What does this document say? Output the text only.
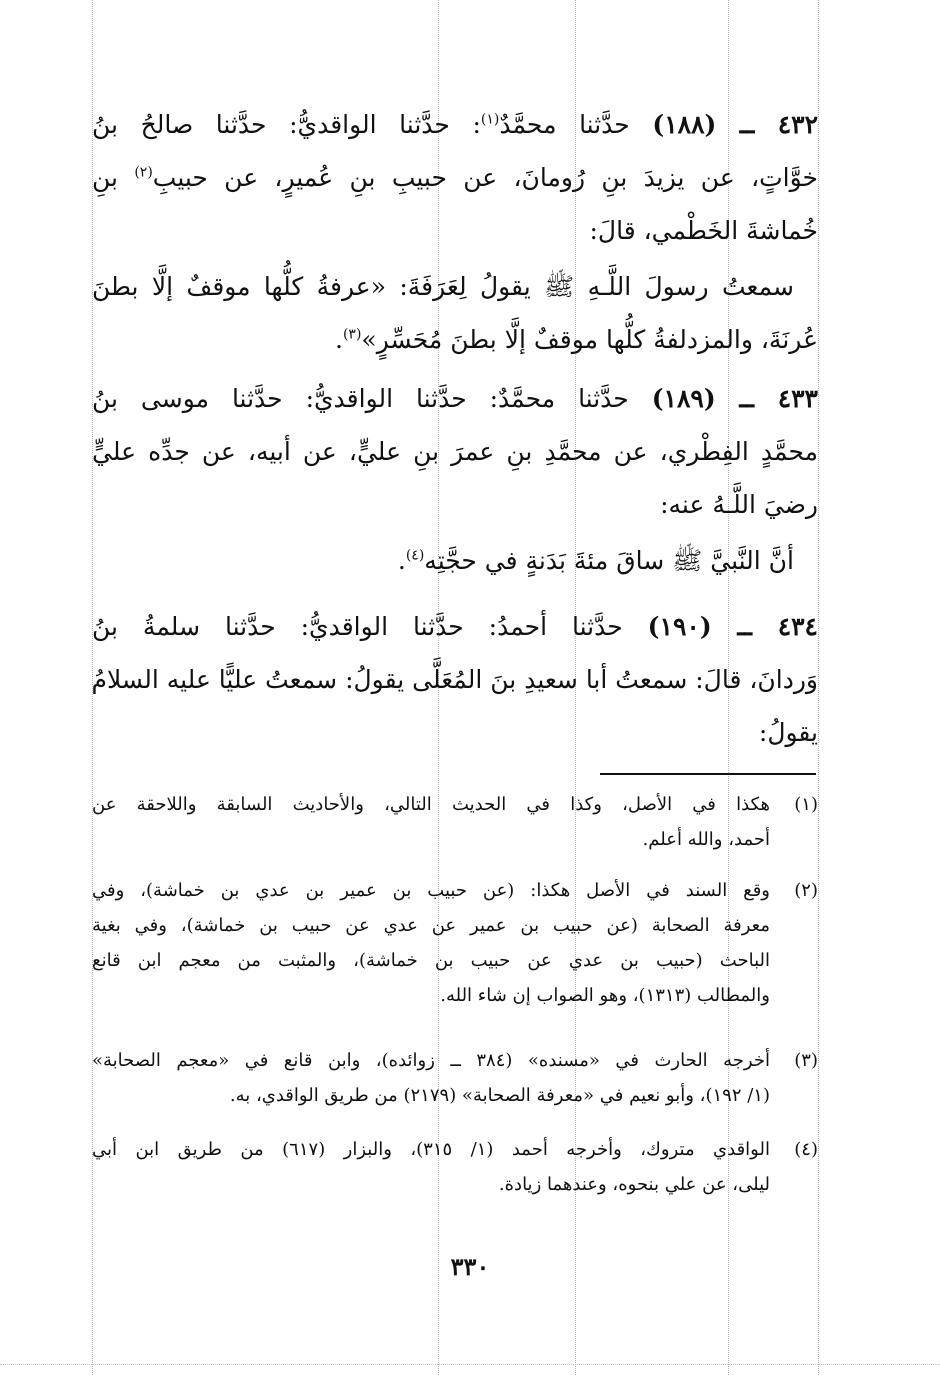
٤٣٢ ــ (١٨٨) حدَّثنا محمَّدٌ$^{(١)}$: حدَّثنا الواقديُّ: حدَّثنا صالحُ بنُ
خوَّاتٍ، عن يزيدَ بنِ رُومانَ، عن حبيبِ بنِ عُميرٍ، عن حبيبِ$^{(٢)}$ بنِ
خُماشةَ الخَطْمي، قالَ:
سمعتُ رسولَ اللَّـهِ ﷺ يقولُ لِعَرَفَةَ: «عرفةُ كلُّها موقفٌ إلَّا بطنَ
عُرنَةَ، والمزدلفةُ كلُّها موقفٌ إلَّا بطنَ مُحَسِّرٍ»$^{(٣)}$.
٤٣٣ ــ (١٨٩) حدَّثنا محمَّدٌ: حدَّثنا الواقديُّ: حدَّثنا موسى بنُ
محمَّدٍ الفِطْري، عن محمَّدِ بنِ عمرَ بنِ عليٍّ، عن أبيه، عن جدِّه عليٍّ
رضيَ اللَّـهُ عنه:
أنَّ النَّبيَّ ﷺ ساقَ مئةَ بَدَنةٍ في حجَّتِه$^{(٤)}$.
٤٣٤ ــ (١٩٠) حدَّثنا أحمدُ: حدَّثنا الواقديُّ: حدَّثنا سلمةُ بنُ
وَردانَ، قالَ: سمعتُ أبا سعيدِ بنَ المُعَلَّى يقولُ: سمعتُ عليًّا عليه السلامُ
يقولُ:
(١)
هكذا في الأصل، وكذا في الحديث التالي، والأحاديث السابقة واللاحقة عن
أحمد، والله أعلم.
(٢)
وقع السند في الأصل هكذا: (عن حبيب بن عمير بن عدي بن خماشة)، وفي
معرفة الصحابة (عن حبيب بن عمير عن عدي عن حبيب بن خماشة)، وفي بغية
الباحث (حبيب بن عدي عن حبيب بن خماشة)، والمثبت من معجم ابن قانع
والمطالب (١٣١٣)، وهو الصواب إن شاء الله.
(٣)
أخرجه الحارث في «مسنده» (٣٨٤ ــ زوائده)، وابن قانع في «معجم الصحابة»
(١/ ١٩٢)، وأبو نعيم في «معرفة الصحابة» (٢١٧٩) من طريق الواقدي، به.
(٤)
الواقدي متروك، وأخرجه أحمد (١/ ٣١٥)، والبزار (٦١٧) من طريق ابن أبي
ليلى، عن علي بنحوه، وعندهما زيادة.
٣٣٠
